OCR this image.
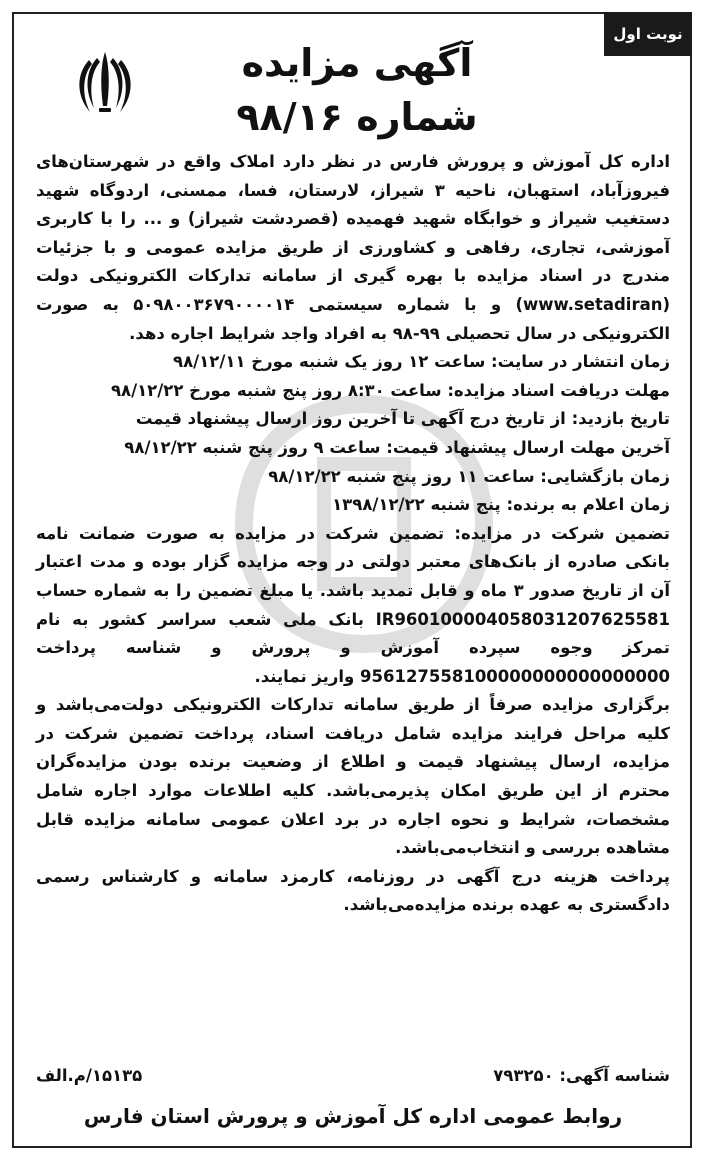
نوبت اول
آگهی مزایده
شماره ۹۸/۱۶

اداره کل آموزش و پرورش فارس در نظر دارد املاک واقع در شهرستان‌های فیروزآباد، استهبان، ناحیه ۳ شیراز، لارستان، فسا، ممسنی، اردوگاه شهید دستغیب شیراز و خوابگاه شهید فهمیده (قصردشت شیراز) و ... را با کاربری آموزشی، تجاری، رفاهی و کشاورزی از طریق مزایده عمومی و با جزئیات مندرج در اسناد مزایده با بهره گیری از سامانه تدارکات الکترونیکی دولت (www.setadiran) و با شماره سیستمی ۵۰۹۸۰۰۳۶۷۹۰۰۰۰۱۴ به صورت الکترونیکی در سال تحصیلی ۹۹-۹۸ به افراد واجد شرایط اجاره دهد.

زمان انتشار در سایت: ساعت ۱۲ روز یک شنبه مورخ ۹۸/۱۲/۱۱

مهلت دریافت اسناد مزایده: ساعت ۸:۳۰ روز پنج شنبه مورخ ۹۸/۱۲/۲۲

تاریخ بازدید: از تاریخ درج آگهی تا آخرین روز ارسال پیشنهاد قیمت

آخرین مهلت ارسال پیشنهاد قیمت: ساعت ۹ روز پنج شنبه ۹۸/۱۲/۲۲

زمان بازگشایی: ساعت ۱۱ روز پنج شنبه ۹۸/۱۲/۲۲

زمان اعلام به برنده: پنج شنبه ۱۳۹۸/۱۲/۲۲

تضمین شرکت در مزایده: تضمین شرکت در مزایده به صورت ضمانت نامه بانکی صادره از بانک‌های معتبر دولتی در وجه مزایده گزار بوده و مدت اعتبار آن از تاریخ صدور ۳ ماه و قابل تمدید باشد. یا مبلغ تضمین را به شماره حساب IR960100004058031207625581 بانک ملی شعب سراسر کشور به نام تمرکز وجوه سپرده آموزش و پرورش و شناسه پرداخت 956127558100000000000000000 واریز نمایند.

برگزاری مزایده صرفاً از طریق سامانه تدارکات الکترونیکی دولت‌می‌باشد و کلیه مراحل فرایند مزایده شامل دریافت اسناد، پرداخت تضمین شرکت در مزایده، ارسال پیشنهاد قیمت و اطلاع از وضعیت برنده بودن مزایده‌گران محترم از این طریق امکان پذیرمی‌باشد. کلیه اطلاعات موارد اجاره شامل مشخصات، شرایط و نحوه اجاره در برد اعلان عمومی سامانه مزایده قابل مشاهده بررسی و انتخاب‌می‌باشد.

پرداخت هزینه درج آگهی در روزنامه، کارمزد سامانه و کارشناس رسمی دادگستری به عهده برنده مزایده‌می‌باشد.

شناسه آگهی: ۷۹۳۲۵۰
۱۵۱۳۵/م.الف
روابط عمومی اداره کل آموزش و پرورش استان فارس
